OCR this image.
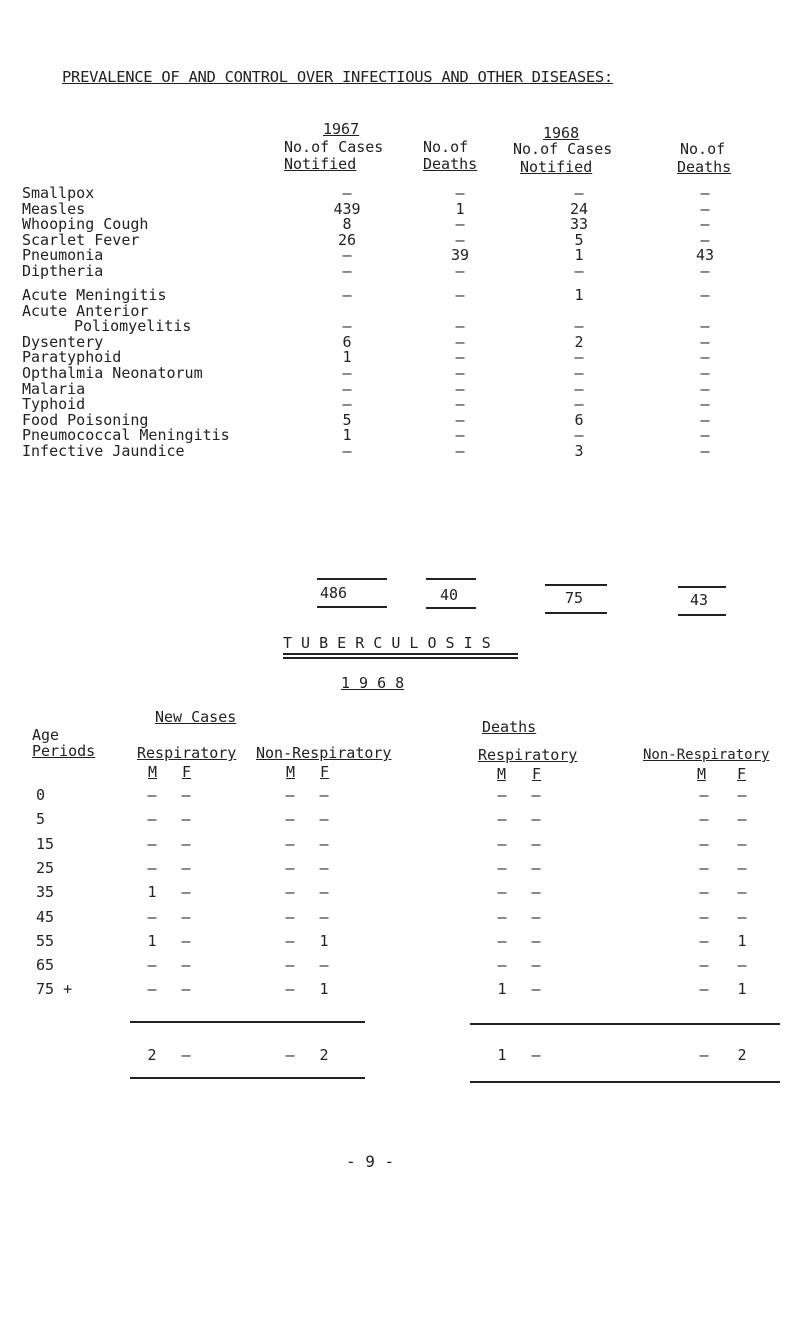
PREVALENCE OF AND CONTROL OVER INFECTIOUS AND OTHER DISEASES:
1967	1968
No.of Cases
Notified
No.of
Deaths
No.of Cases
Notified
No.of
Deaths
Smallpox	–	–	–	–
Measles	439	1	24	–
Whooping Cough	8	–	33	–
Scarlet Fever	26	–	5	–
Pneumonia	–	39	1	43
Diptheria	–	–	–	–
Acute Meningitis	–	–	1	–
Acute Anterior
Poliomyelitis	–	–	–	–
Dysentery	6	–	2	–
Paratyphoid	1	–	–	–
Opthalmia Neonatorum	–	–	–	–
Malaria	–	–	–	–
Typhoid	–	–	–	–
Food Poisoning	5	–	6	–
Pneumococcal Meningitis	1	–	–	–
Infective Jaundice	–	–	3	–
486	40	75	43
T U B E R C U L O S I S
1 9 6 8
New Cases
Deaths
Age
Periods	Respiratory Non-Respiratory	Respiratory	Non-Respiratory
M F	M F	M F	M F
0	–	–	–	–	–	–	–	–
5	–	–	–	–	–	–	–	–
15	–	–	–	–	–	–	–	–
25	–	–	–	–	–	–	–	–
35	1	–	–	–	–	–	–	–
45	–	–	–	–	–	–	–	–
55	1	–	–	1	–	–	–	1
65	–	–	–	–	–	–	–	–
75 +	–	–	–	1	1	–	–	1
2	–	–	2	1	–	–	2
- 9 -
